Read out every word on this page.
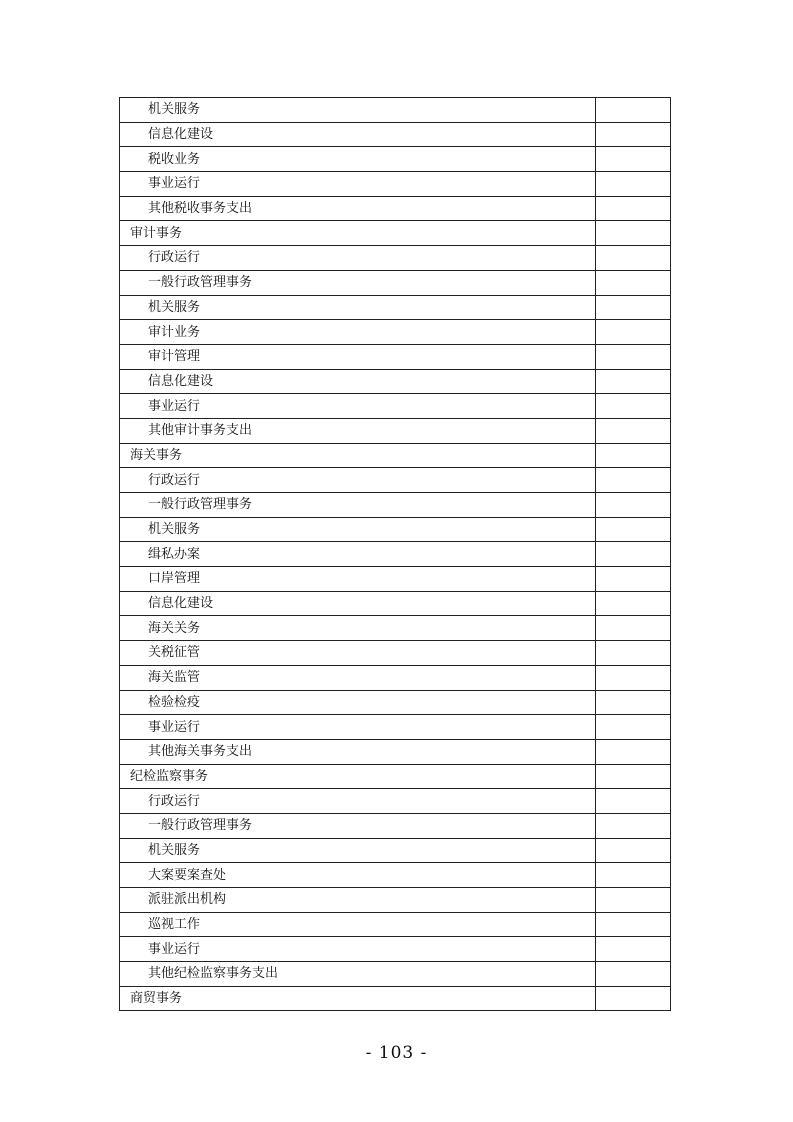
机关服务	
信息化建设	
税收业务	
事业运行	
其他税收事务支出	
审计事务	
行政运行	
一般行政管理事务	
机关服务	
审计业务	
审计管理	
信息化建设	
事业运行	
其他审计事务支出	
海关事务	
行政运行	
一般行政管理事务	
机关服务	
缉私办案	
口岸管理	
信息化建设	
海关关务	
关税征管	
海关监管	
检验检疫	
事业运行	
其他海关事务支出	
纪检监察事务	
行政运行	
一般行政管理事务	
机关服务	
大案要案查处	
派驻派出机构	
巡视工作	
事业运行	
其他纪检监察事务支出	
商贸事务	
- 103 -
